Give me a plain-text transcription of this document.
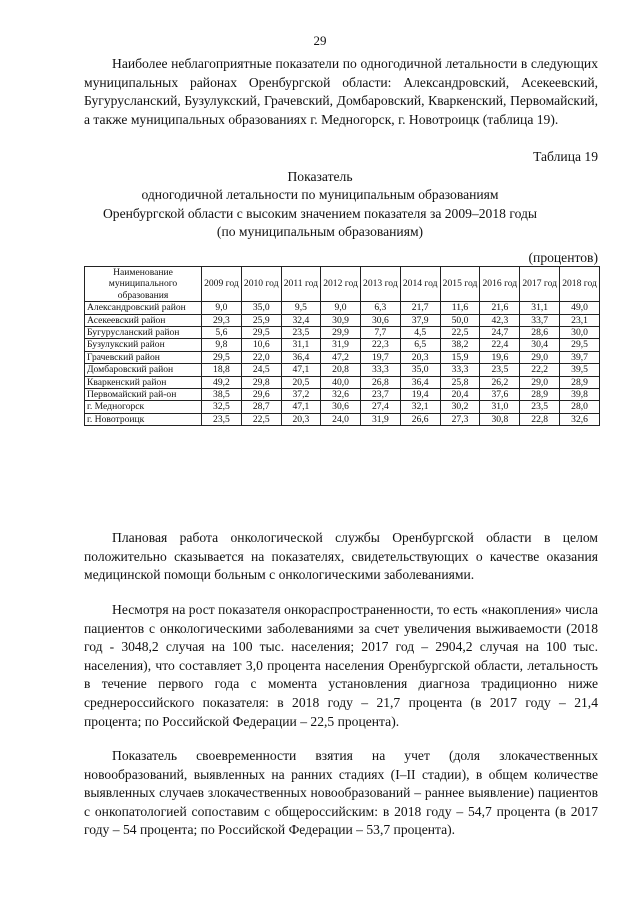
29

Наиболее неблагоприятные показатели по одногодичной летальности в следующих муниципальных районах Оренбургской области: Александровский, Асекеевский, Бугурусланский, Бузулукский, Грачевский, Домбаровский, Кваркенский, Первомайский, а также муниципальных образованиях г. Медногорск, г. Новотроицк (таблица 19).

Таблица 19
Показатель
одногодичной летальности по муниципальным образованиям
Оренбургской области с высоким значением показателя за 2009–2018 годы
(по муниципальным образованиям)
(процентов)
Наименование муниципального образования	2009 год	2010 год	2011 год	2012 год	2013 год	2014 год	2015 год	2016 год	2017 год	2018 год
Александровский район	9,0	35,0	9,5	9,0	6,3	21,7	11,6	21,6	31,1	49,0
Асекеевский район	29,3	25,9	32,4	30,9	30,6	37,9	50,0	42,3	33,7	23,1
Бугурусланский район	5,6	29,5	23,5	29,9	7,7	4,5	22,5	24,7	28,6	30,0
Бузулукский район	9,8	10,6	31,1	31,9	22,3	6,5	38,2	22,4	30,4	29,5
Грачевский район	29,5	22,0	36,4	47,2	19,7	20,3	15,9	19,6	29,0	39,7
Домбаровский район	18,8	24,5	47,1	20,8	33,3	35,0	33,3	23,5	22,2	39,5
Кваркенский район	49,2	29,8	20,5	40,0	26,8	36,4	25,8	26,2	29,0	28,9
Первомайский рай-он	38,5	29,6	37,2	32,6	23,7	19,4	20,4	37,6	28,9	39,8
г. Медногорск	32,5	28,7	47,1	30,6	27,4	32,1	30,2	31,0	23,5	28,0
г. Новотроицк	23,5	22,5	20,3	24,0	31,9	26,6	27,3	30,8	22,8	32,6

Плановая работа онкологической службы Оренбургской области в целом положительно сказывается на показателях, свидетельствующих о качестве оказания медицинской помощи больным с онкологическими заболеваниями.

Несмотря на рост показателя онкораспространенности, то есть «накопления» числа пациентов с онкологическими заболеваниями за счет увеличения выживаемости (2018 год - 3048,2 случая на 100 тыс. населения; 2017 год – 2904,2 случая на 100 тыс. населения), что составляет 3,0 процента населения Оренбургской области, летальность в течение первого года с момента установления диагноза традиционно ниже среднероссийского показателя: в 2018 году – 21,7 процента (в 2017 году – 21,4 процента; по Российской Федерации – 22,5 процента).

Показатель своевременности взятия на учет (доля злокачественных новообразований, выявленных на ранних стадиях (I–II стадии), в общем количестве выявленных случаев злокачественных новообразований – раннее выявление) пациентов с онкопатологией сопоставим с общероссийским: в 2018 году – 54,7 процента (в 2017 году – 54 процента; по Российской Федерации – 53,7 процента).
